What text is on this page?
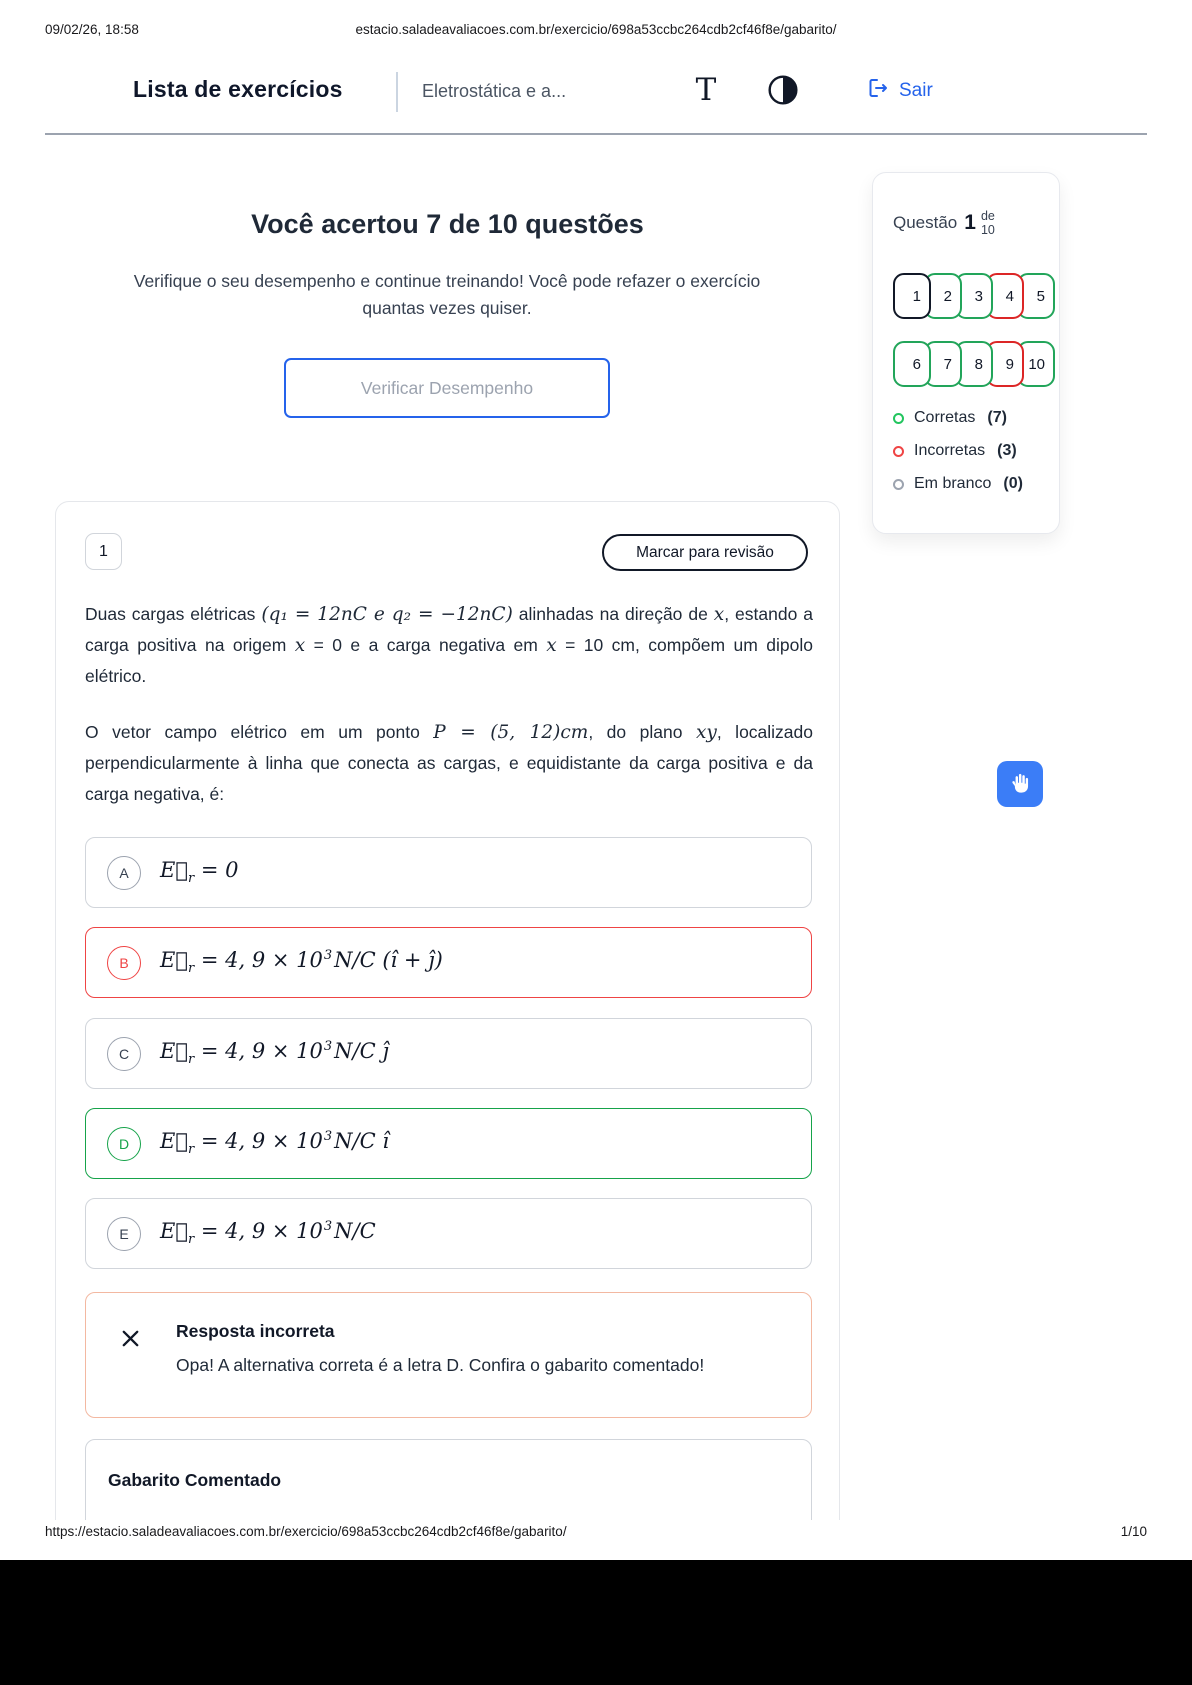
09/02/26, 18:58	estacio.saladeavaliacoes.com.br/exercicio/698a53ccbc264cdb2cf46f8e/gabarito/
https://estacio.saladeavaliacoes.com.br/exercicio/698a53ccbc264cdb2cf46f8e/gabarito/	1/10
Lista de exercícios	Eletrostática e a...	T	Sair
Você acertou 7 de 10 questões
Verifique o seu desempenho e continue treinando! Você pode refazer o exercício quantas vezes quiser.
Verificar Desempenho
Questão 1 de
10
1	2	3	4	5
6	7	8	9 10
Corretas (7)
Incorretas (3)
Em branco (0)
1	Marcar para revisão

Duas cargas elétricas (q₁ = 12nC e q₂ = −12nC) alinhadas na direção de x, estando a carga positiva na origem x = 0 e a carga negativa em x = 10 cm, compõem um dipolo elétrico.

O vetor campo elétrico em um ponto P = (5, 12)cm, do plano xy, localizado perpendicularmente à linha que conecta as cargas, e equidistante da carga positiva e da carga negativa, é:

A	$E⃗_r = 0$
B	$E⃗_r = 4$, $9 \times 10^3N/C$ (î + ĵ)
C	$E⃗_r = 4$, $9 \times 10^3N/C$ ĵ
D	$E⃗_r = 4$, $9 \times 10^3N/C$ î
E	$E⃗_r = 4$, $9 \times 10^3N/C$
Resposta incorreta
Opa! A alternativa correta é a letra D. Confira o gabarito comentado!
Gabarito Comentado
